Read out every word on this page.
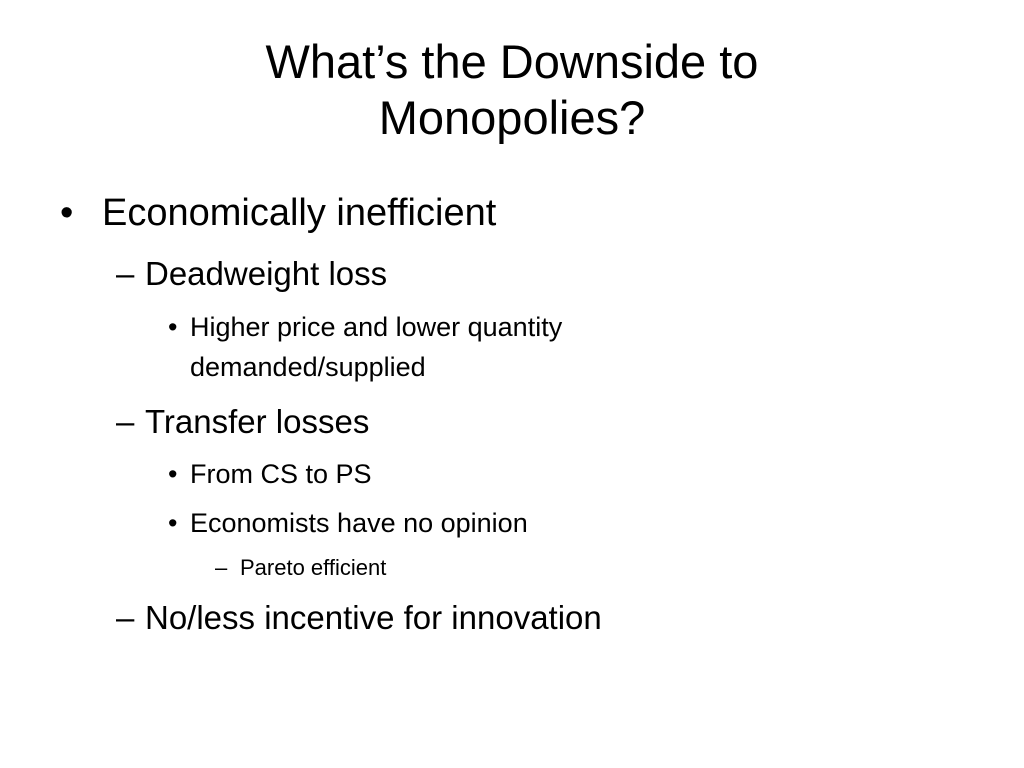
What’s the Downside to
Monopolies?
• Economically inefficient
– Deadweight loss
• Higher price and lower quantity
demanded/supplied
– Transfer losses
• From CS to PS
• Economists have no opinion
– Pareto efficient
– No/less incentive for innovation
